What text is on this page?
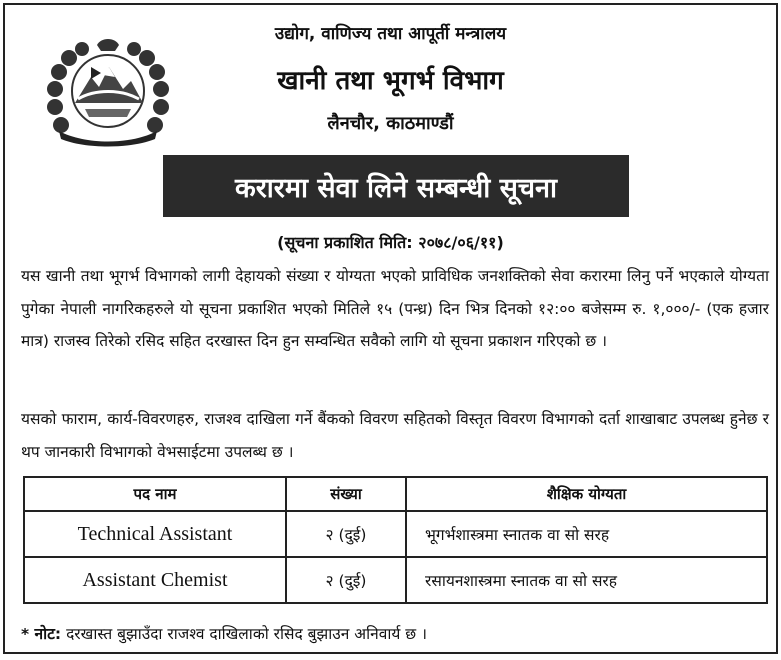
उद्योग, वाणिज्य तथा आपूर्ती मन्त्रालय
खानी तथा भूगर्भ विभाग
लैनचौर, काठमाण्डौं
करारमा सेवा लिने सम्बन्धी सूचना
(सूचना प्रकाशित मिति: २०७८/०६/११)
यस खानी तथा भूगर्भ विभागको लागी देहायको संख्या र योग्यता भएको प्राविधिक जनशक्तिको सेवा करारमा लिनु पर्ने भएकाले योग्यता पुगेका नेपाली नागरिकहरुले यो सूचना प्रकाशित भएको मितिले १५ (पन्ध्र) दिन भित्र दिनको १२:०० बजेसम्म रु. १,०००/- (एक हजार मात्र) राजस्व तिरेको रसिद सहित दरखास्त दिन हुन सम्वन्धित सवैको लागि यो सूचना प्रकाशन गरिएको छ ।
यसको फाराम, कार्य-विवरणहरु, राजश्व दाखिला गर्ने बैंकको विवरण सहितको विस्तृत विवरण विभागको दर्ता शाखाबाट उपलब्ध हुनेछ र थप जानकारी विभागको वेभसाईटमा उपलब्ध छ ।
पद नाम	संख्या	शैक्षिक योग्यता
Technical Assistant	२ (दुई)	भूगर्भशास्त्रमा स्नातक वा सो सरह
Assistant Chemist	२ (दुई)	रसायनशास्त्रमा स्नातक वा सो सरह
* नोट: दरखास्त बुझाउँदा राजश्व दाखिलाको रसिद बुझाउन अनिवार्य छ ।
